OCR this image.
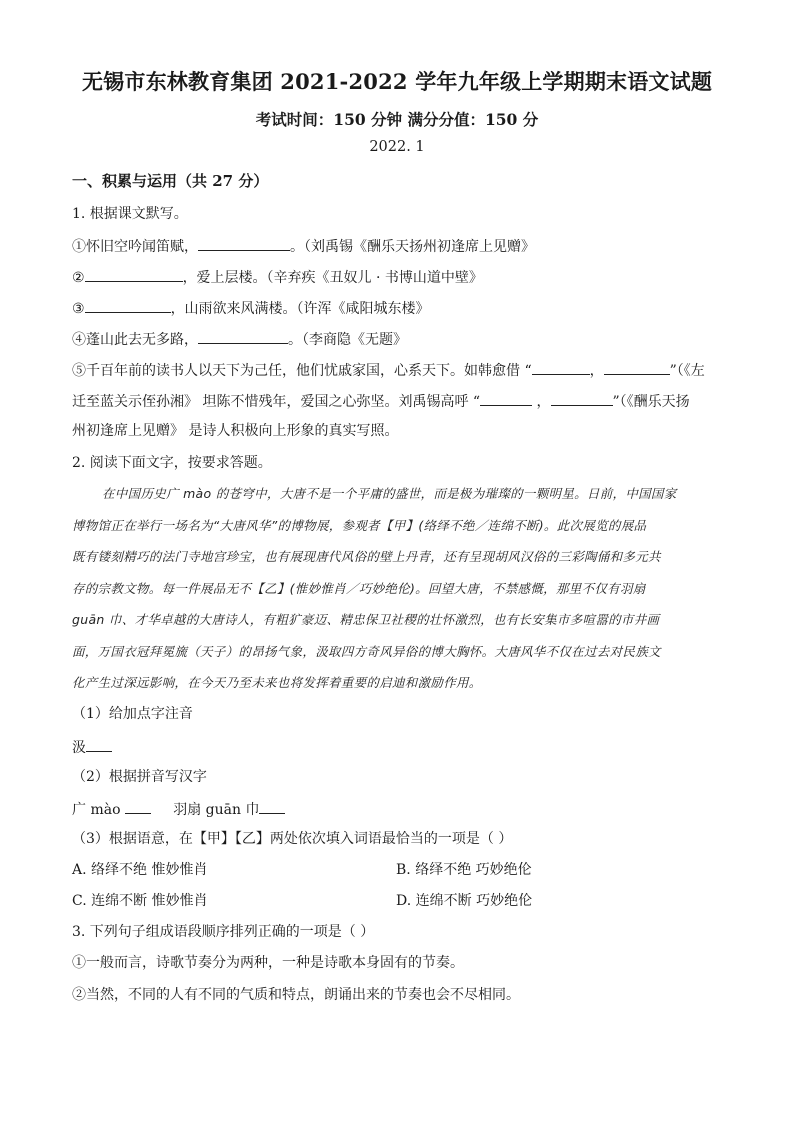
无锡市东林教育集团 2021-2022 学年九年级上学期期末语文试题
考试时间：150 分钟 满分分值：150 分
2022. 1
一、积累与运用（共 27 分）
1. 根据课文默写。
①怀旧空吟闻笛赋，	。（刘禹锡《酬乐天扬州初逢席上见赠》
②	，爱上层楼。（辛弃疾《丑奴儿 · 书博山道中壁》
③	，山雨欲来风满楼。（许浑《咸阳城东楼》
④蓬山此去无多路，	。（李商隐《无题》
⑤千百年前的读书人以天下为己任，他们忧戚家国，心系天下。如韩愈借 “	，	”（《左
迁至蓝关示侄孙湘》 坦陈不惜残年，爱国之心弥坚。刘禹锡高呼 “	，	”（《酬乐天扬
州初逢席上见赠》 是诗人积极向上形象的真实写照。
2. 阅读下面文字，按要求答题。
在中国历史广 mào 的苍穹中，大唐不是一个平庸的盛世，而是极为璀璨的一颗明星。日前，中国国家
博物馆正在举行一场名为“大唐风华”的博物展，参观者【甲】(络绎不绝／连绵不断)。此次展览的展品
既有镂刻精巧的法门寺地宫珍宝，也有展现唐代风俗的壁上丹青，还有呈现胡风汉俗的三彩陶俑和多元共
存的宗教文物。每一件展品无不【乙】(惟妙惟肖／巧妙绝伦)。回望大唐，不禁感慨，那里不仅有羽扇
guān 巾、才华卓越的大唐诗人，有粗犷豪迈、精忠保卫社稷的壮怀激烈，也有长安集市多喧嚣的市井画
面，万国衣冠拜冕旒（天子）的昂扬气象，汲取四方奇风异俗的博大胸怀。大唐风华不仅在过去对民族文
化产生过深远影响，在今天乃至未来也将发挥着重要的启迪和激励作用。
（1）给加点字注音
汲
（2）根据拼音写汉字
广 mào	羽扇 guān 巾
（3）根据语意，在【甲】【乙】两处依次填入词语最恰当的一项是（ ）
A. 络绎不绝 惟妙惟肖	B. 络绎不绝 巧妙绝伦
C. 连绵不断 惟妙惟肖	D. 连绵不断 巧妙绝伦
3. 下列句子组成语段顺序排列正确的一项是（ ）
①一般而言，诗歌节奏分为两种，一种是诗歌本身固有的节奏。
②当然，不同的人有不同的气质和特点，朗诵出来的节奏也会不尽相同。
